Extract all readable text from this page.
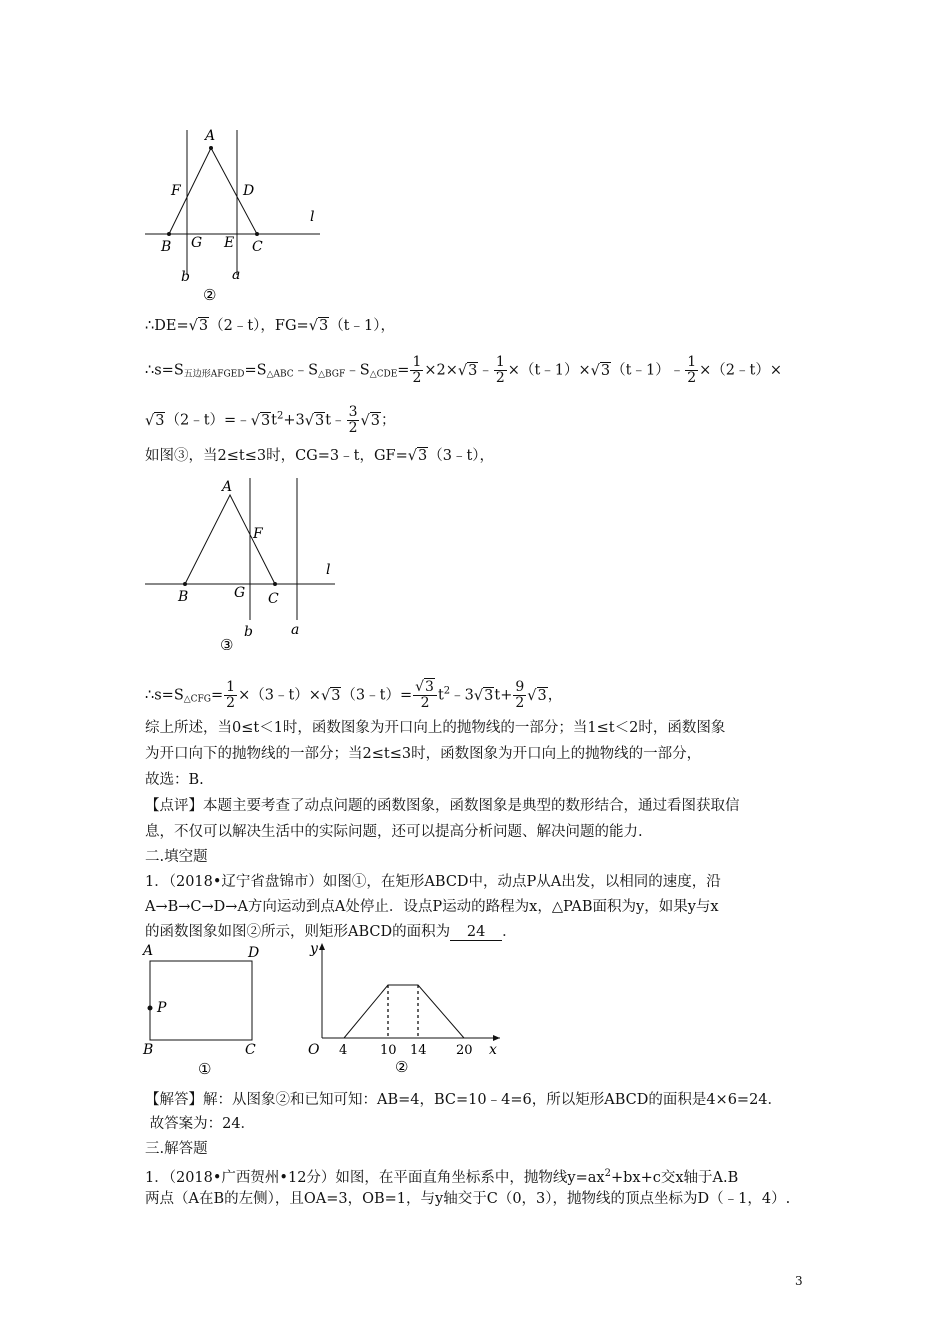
A
F	D
B G E C
l
b	a
②
∴DE=√3（2﹣t），FG=√3（t﹣1），
$\therefore s=S_{五边形AFGED}=S_{\triangle ABC}﹣S_{\triangle BGF}﹣S_{\triangle CDE}= \frac{1}{2}$ ×2×√3﹣ $\frac{1}{2}$ ×（t﹣1）×√3（t﹣1）﹣ $\frac{1}{2}$ ×（2﹣t）×
$√3(2﹣t)=﹣√3t^2+3√3t﹣ \frac{3}{2} √3$；
如图③，当2≤t≤3时，CG=3﹣t，GF=√3（3﹣t），
A
F
B	G C
l
b	a
③
$\therefore s=S_{\triangle CFG}= \frac{1}{2}$ ×（3﹣t）×√3（3﹣t）= $\frac{√3}{2}$ $t^2﹣3√3t+ \frac{9}{2} √3$，
综上所述，当0≤t＜1时，函数图象为开口向上的抛物线的一部分；当1≤t＜2时，函数图象
为开口向下的抛物线的一部分；当2≤t≤3时，函数图象为开口向上的抛物线的一部分，
故选：B.
【点评】本题主要考查了动点问题的函数图象，函数图象是典型的数形结合，通过看图获取信
息，不仅可以解决生活中的实际问题，还可以提高分析问题、解决问题的能力.
二.填空题
1．（2018•辽宁省盘锦市）如图①，在矩形ABCD中，动点P从A出发，以相同的速度，沿
A→B→C→D→A方向运动到点A处停止．设点P运动的路程为x，△PAB面积为y，如果y与x
的函数图象如图②所示，则矩形ABCD的面积为 24 ．
A	D
P
B	C
①
y
x
O 4	10 14 20
②
【解答】解：从图象②和已知可知：AB=4，BC=10﹣4=6，所以矩形ABCD的面积是4×6=24．
故答案为：24．
三.解答题
1．（2018•广西贺州•12分）如图，在平面直角坐标系中，抛物线$y=ax^2+bx+c$交x轴于A.B
两点（A在B的左侧），且OA=3，OB=1，与y轴交于C（0，3），抛物线的顶点坐标为D（﹣1，4）.
3
